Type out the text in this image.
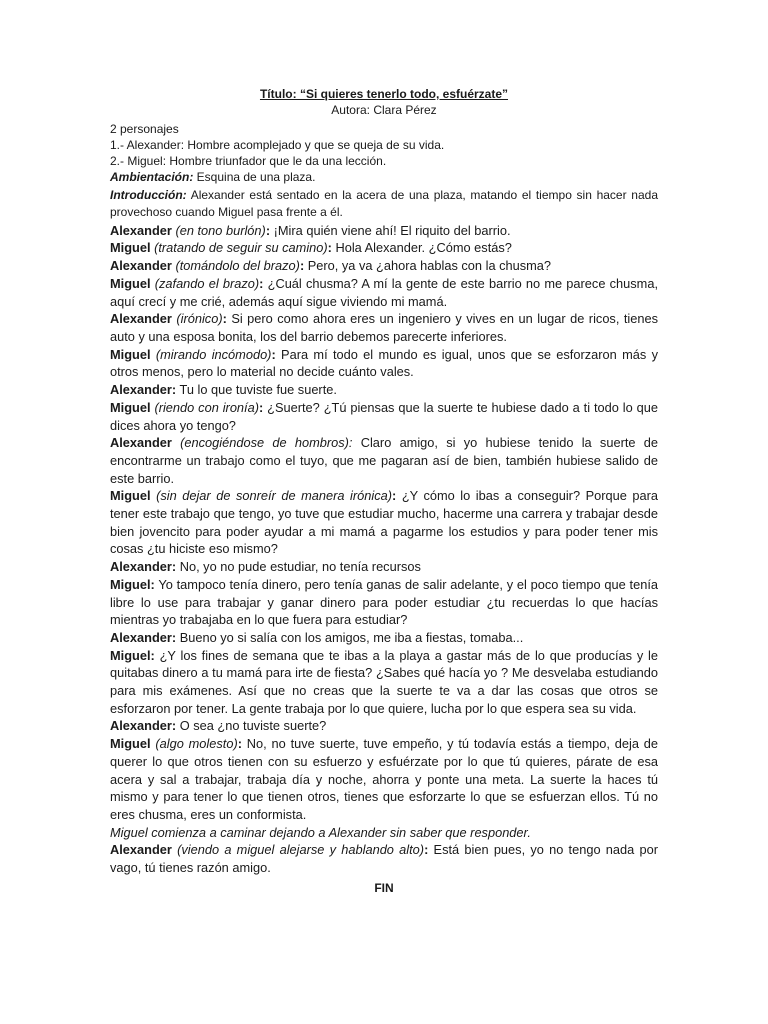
Título: “Si quieres tenerlo todo, esfuérzate”
Autora: Clara Pérez
2 personajes
1.- Alexander: Hombre acomplejado y que se queja de su vida.
2.- Miguel: Hombre triunfador que le da una lección.
Ambientación: Esquina de una plaza.
Introducción: Alexander está sentado en la acera de una plaza, matando el tiempo sin hacer nada provechoso cuando Miguel pasa frente a él.

Alexander (en tono burlón): ¡Mira quién viene ahí! El riquito del barrio.

Miguel (tratando de seguir su camino): Hola Alexander. ¿Cómo estás?

Alexander (tomándolo del brazo): Pero, ya va ¿ahora hablas con la chusma?

Miguel (zafando el brazo): ¿Cuál chusma? A mí la gente de este barrio no me parece chusma, aquí crecí y me crié, además aquí sigue viviendo mi mamá.

Alexander (irónico): Si pero como ahora eres un ingeniero y vives en un lugar de ricos, tienes auto y una esposa bonita, los del barrio debemos parecerte inferiores.

Miguel (mirando incómodo): Para mí todo el mundo es igual, unos que se esforzaron más y otros menos, pero lo material no decide cuánto vales.

Alexander: Tu lo que tuviste fue suerte.

Miguel (riendo con ironía): ¿Suerte? ¿Tú piensas que la suerte te hubiese dado a ti todo lo que dices ahora yo tengo?

Alexander (encogiéndose de hombros): Claro amigo, si yo hubiese tenido la suerte de encontrarme un trabajo como el tuyo, que me pagaran así de bien, también hubiese salido de este barrio.

Miguel (sin dejar de sonreír de manera irónica): ¿Y cómo lo ibas a conseguir? Porque para tener este trabajo que tengo, yo tuve que estudiar mucho, hacerme una carrera y trabajar desde bien jovencito para poder ayudar a mi mamá a pagarme los estudios y para poder tener mis cosas ¿tu hiciste eso mismo?

Alexander: No, yo no pude estudiar, no tenía recursos

Miguel: Yo tampoco tenía dinero, pero tenía ganas de salir adelante, y el poco tiempo que tenía libre lo use para trabajar y ganar dinero para poder estudiar ¿tu recuerdas lo que hacías mientras yo trabajaba en lo que fuera para estudiar?

Alexander: Bueno yo si salía con los amigos, me iba a fiestas, tomaba...

Miguel: ¿Y los fines de semana que te ibas a la playa a gastar más de lo que producías y le quitabas dinero a tu mamá para irte de fiesta? ¿Sabes qué hacía yo ? Me desvelaba estudiando para mis exámenes. Así que no creas que la suerte te va a dar las cosas que otros se esforzaron por tener. La gente trabaja por lo que quiere, lucha por lo que espera sea su vida.

Alexander: O sea ¿no tuviste suerte?

Miguel (algo molesto): No, no tuve suerte, tuve empeño, y tú todavía estás a tiempo, deja de querer lo que otros tienen con su esfuerzo y esfuérzate por lo que tú quieres, párate de esa acera y sal a trabajar, trabaja día y noche, ahorra y ponte una meta. La suerte la haces tú mismo y para tener lo que tienen otros, tienes que esforzarte lo que se esfuerzan ellos. Tú no eres chusma, eres un conformista.

Miguel comienza a caminar dejando a Alexander sin saber que responder.

Alexander (viendo a miguel alejarse y hablando alto): Está bien pues, yo no tengo nada por vago, tú tienes razón amigo.

FIN
